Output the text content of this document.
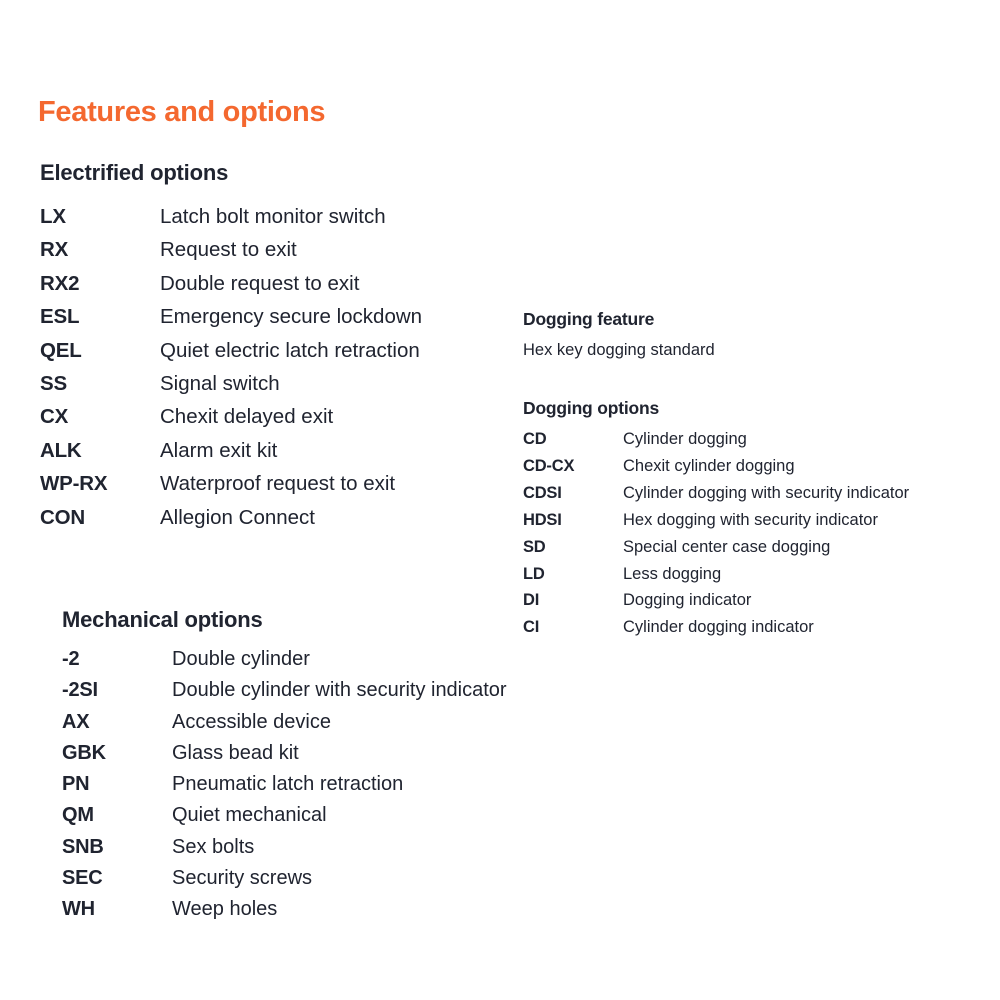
Features and options
Electrified options
LX	Latch bolt monitor switch
RX	Request to exit
RX2	Double request to exit
ESL	Emergency secure lockdown
QEL	Quiet electric latch retraction
SS	Signal switch
CX	Chexit delayed exit
ALK	Alarm exit kit
WP-RX	Waterproof request to exit
CON	Allegion Connect
Dogging feature

Hex key dogging standard

Dogging options
CD	Cylinder dogging
CD-CX	Chexit cylinder dogging
CDSI	Cylinder dogging with security indicator
HDSI	Hex dogging with security indicator
SD	Special center case dogging
LD	Less dogging
DI	Dogging indicator
CI	Cylinder dogging indicator
Mechanical options
-2	Double cylinder
-2SI	Double cylinder with security indicator
AX	Accessible device
GBK	Glass bead kit
PN	Pneumatic latch retraction
QM	Quiet mechanical
SNB	Sex bolts
SEC	Security screws
WH	Weep holes
